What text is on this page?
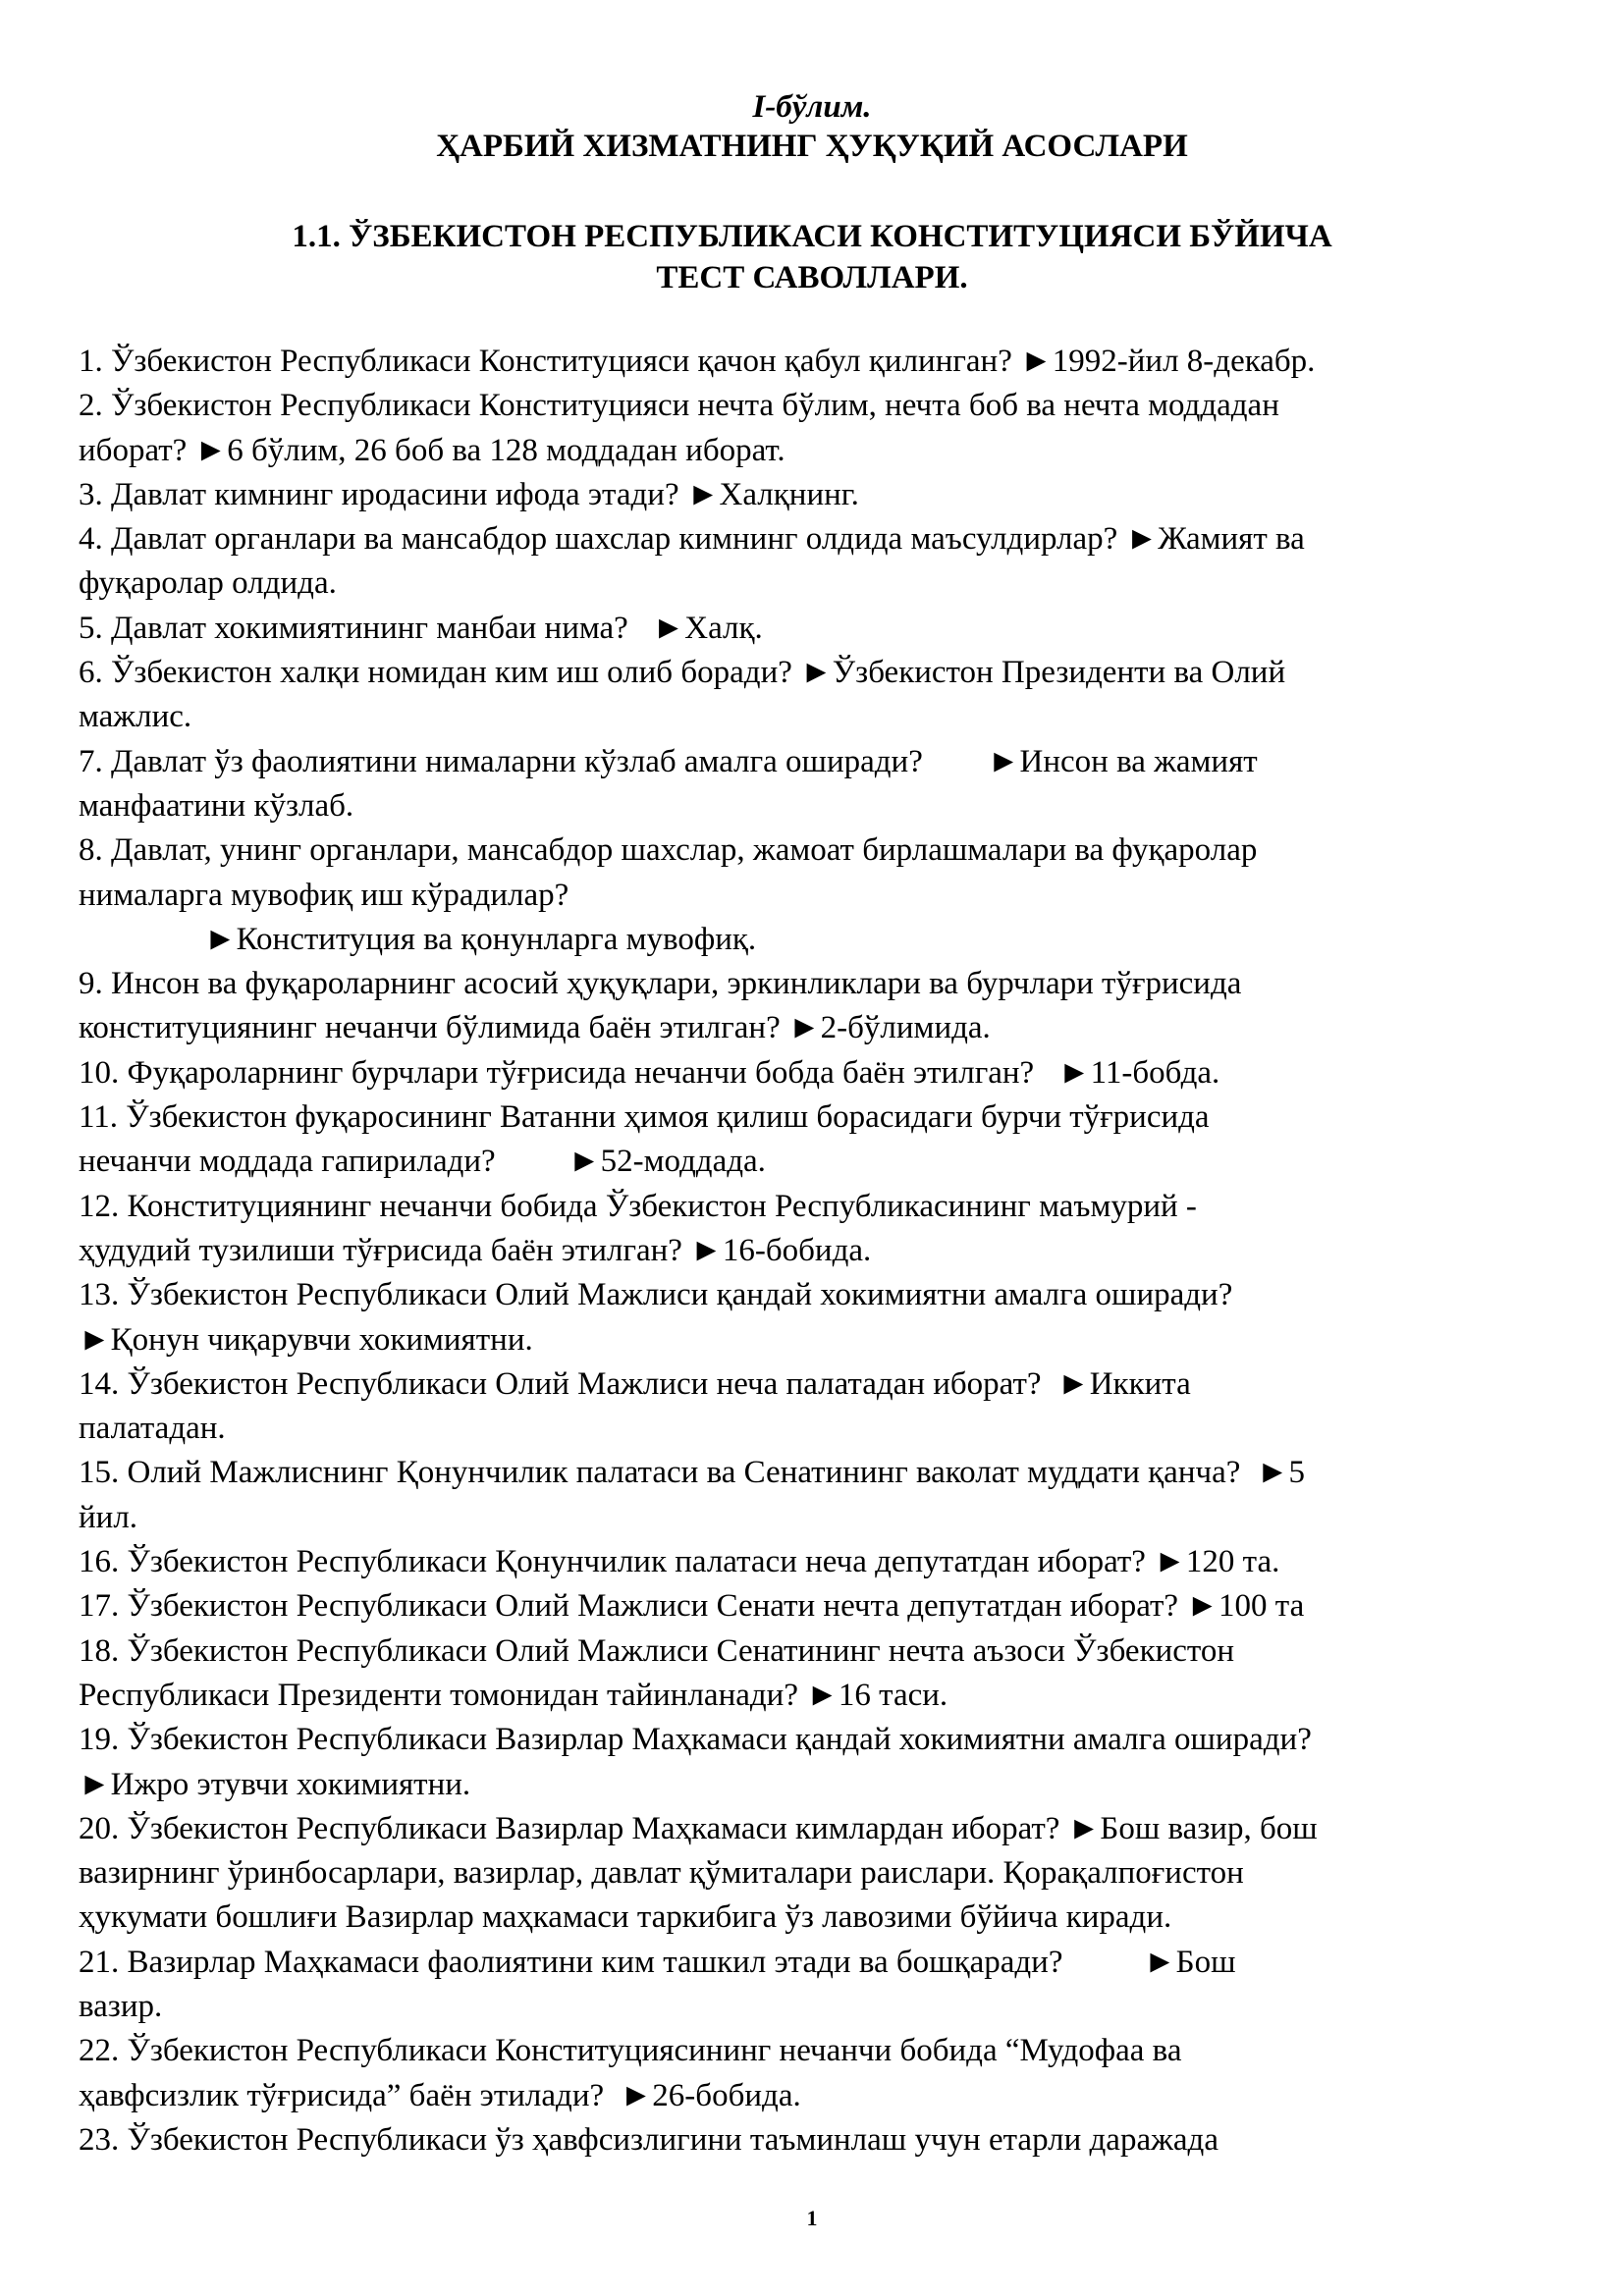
I-бўлим.
ҲАРБИЙ ХИЗМАТНИНГ ҲУҚУҚИЙ АСОСЛАРИ
1.1. ЎЗБЕКИСТОН РЕСПУБЛИКАСИ КОНСТИТУЦИЯСИ БЎЙИЧА
ТЕСТ САВОЛЛАРИ.
1. Ўзбекистон Республикаси Конституцияси қачон қабул қилинган? ►1992-йил 8-декабр.
2. Ўзбекистон Республикаси Конституцияси нечта бўлим, нечта боб ва нечта моддадан
иборат? ►6 бўлим, 26 боб ва 128 моддадан иборат.
3. Давлат кимнинг иродасини ифода этади? ►Халқнинг.
4. Давлат органлари ва мансабдор шахслар кимнинг олдида маъсулдирлар? ►Жамият ва
фуқаролар олдида.
5. Давлат хокимиятининг манбаи нима?   ►Халқ.
6. Ўзбекистон халқи номидан ким иш олиб боради? ►Ўзбекистон Президенти ва Олий
мажлис.
7. Давлат ўз фаолиятини нималарни кўзлаб амалга оширади?        ►Инсон ва жамият
манфаатини кўзлаб.
8. Давлат, унинг органлари, мансабдор шахслар, жамоат бирлашмалари ва фуқаролар
нималарга мувофиқ иш кўрадилар?
►Конституция ва қонунларга мувофиқ.
9. Инсон ва фуқароларнинг асосий ҳуқуқлари, эркинликлари ва бурчлари тўғрисида
конституциянинг нечанчи бўлимида баён этилган? ►2-бўлимида.
10. Фуқароларнинг бурчлари тўғрисида нечанчи бобда баён этилган?   ►11-бобда.
11. Ўзбекистон фуқаросининг Ватанни ҳимоя қилиш борасидаги бурчи тўғрисида
нечанчи моддада гапирилади?         ►52-моддада.
12. Конституциянинг нечанчи бобида Ўзбекистон Республикасининг маъмурий -
ҳудудий тузилиши тўғрисида баён этилган? ►16-бобида.
13. Ўзбекистон Республикаси Олий Мажлиси қандай хокимиятни амалга оширади?
►Қонун чиқарувчи хокимиятни.
14. Ўзбекистон Республикаси Олий Мажлиси неча палатадан иборат?  ►Иккита
палатадан.
15. Олий Мажлиснинг Қонунчилик палатаси ва Сенатининг ваколат муддати қанча?  ►5
йил.
16. Ўзбекистон Республикаси Қонунчилик палатаси неча депутатдан иборат? ►120 та.
17. Ўзбекистон Республикаси Олий Мажлиси Сенати нечта депутатдан иборат? ►100 та
18. Ўзбекистон Республикаси Олий Мажлиси Сенатининг нечта аъзоси Ўзбекистон
Республикаси Президенти томонидан тайинланади? ►16 таси.
19. Ўзбекистон Республикаси Вазирлар Маҳкамаси қандай хокимиятни амалга оширади?
►Ижро этувчи хокимиятни.
20. Ўзбекистон Республикаси Вазирлар Маҳкамаси кимлардан иборат? ►Бош вазир, бош
вазирнинг ўринбосарлари, вазирлар, давлат қўмиталари раислари. Қорақалпоғистон
ҳукумати бошлиғи Вазирлар маҳкамаси таркибига ўз лавозими бўйича киради.
21. Вазирлар Маҳкамаси фаолиятини ким ташкил этади ва бошқаради?          ►Бош
вазир.
22. Ўзбекистон Республикаси Конституциясининг нечанчи бобида “Мудофаа ва
ҳавфсизлик тўғрисида” баён этилади?  ►26-бобида.
23. Ўзбекистон Республикаси ўз ҳавфсизлигини таъминлаш учун етарли даражада
1
